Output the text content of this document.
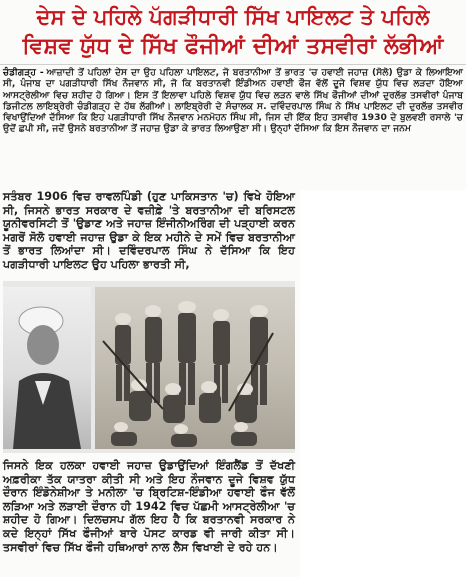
ਦੇਸ ਦੇ ਪਹਿਲੇ ਪੱਗੜੀਧਾਰੀ ਸਿੱਖ ਪਾਇਲਟ ਤੇ ਪਹਿਲੇ
ਵਿਸ਼ਵ ਯੁੱਧ ਦੇ ਸਿੱਖ ਫੌਜੀਆਂ ਦੀਆਂ ਤਸਵੀਰਾਂ ਲੱਭੀਆਂ
ਚੰਡੀਗੜ੍ਹ - ਆਜ਼ਾਦੀ ਤੋਂ ਪਹਿਲਾਂ ਦੇਸ ਦਾ ਉਹ ਪਹਿਲਾ ਪਾਇਲਟ, ਜੋ ਬਰਤਾਨੀਆ ਤੋਂ ਭਾਰਤ 'ਚ ਹਵਾਈ ਜਹਾਜ਼ (ਸੋਲੋ) ਉਡਾ ਕੇ ਲਿਆਇਆ ਸੀ, ਪੰਜਾਬ ਦਾ ਪਗੜੀਧਾਰੀ ਸਿੱਖ ਨੌਜਵਾਨ ਸੀ, ਜੋ ਕਿ ਬਰਤਾਨਵੀ ਇੰਡੀਅਨ ਹਵਾਈ ਫੌਜ ਵੱਲੋਂ ਦੂਜੇ ਵਿਸ਼ਵ ਯੁੱਧ ਵਿਚ ਲੜਦਾ ਹੋਇਆ ਆਸਟ੍ਰੇਲੀਆ ਵਿਚ ਸ਼ਹੀਦ ਹੋ ਗਿਆ। ਇਸ ਤੋਂ ਇਲਾਵਾ ਪਹਿਲੇ ਵਿਸ਼ਵ ਯੁੱਧ ਵਿਚ ਲੜਨ ਵਾਲੇ ਸਿੱਖ ਫੌਜੀਆਂ ਦੀਆਂ ਦੁਰਲੱਭ ਤਸਵੀਰਾਂ ਪੰਜਾਬ ਡਿਜੀਟਲ ਲਾਇਬ੍ਰੇਰੀ ਚੰਡੀਗੜ੍ਹ ਦੇ ਹੱਥ ਲੱਗੀਆਂ। ਲਾਇਬ੍ਰੇਰੀ ਦੇ ਸੰਚਾਲਕ ਸ. ਦਵਿੰਦਰਪਾਲ ਸਿੰਘ ਨੇ ਸਿੱਖ ਪਾਇਲਟ ਦੀ ਦੁਰਲੱਭ ਤਸਵੀਰ ਵਿਖਾਉਂਦਿਆਂ ਦੱਸਿਆ ਕਿ ਇਹ ਪਗੜੀਧਾਰੀ ਸਿੱਖ ਨੌਜਵਾਨ ਮਨਮੋਹਨ ਸਿੰਘ ਸੀ, ਜਿਸ ਦੀ ਇੱਕ ਇਹ ਤਸਵੀਰ 1930 ਦੇ ਬੁਲਵਈ ਰਸਾਲੇ 'ਚ ਉਦੋਂ ਛਪੀ ਸੀ, ਜਦੋਂ ਉਸਨੇ ਬਰਤਾਨੀਆ ਤੋਂ ਜਹਾਜ਼ ਉਡਾ ਕੇ ਭਾਰਤ ਲਿਆਉਣਾ ਸੀ। ਉਨ੍ਹਾਂ ਦੱਸਿਆ ਕਿ ਇਸ ਨੌਜਵਾਨ ਦਾ ਜਨਮ
ਸਤੰਬਰ 1906 ਵਿਚ ਰਾਵਲਪਿੰਡੀ (ਹੁਣ ਪਾਕਿਸਤਾਨ 'ਚ) ਵਿਖੇ ਹੋਇਆ ਸੀ, ਜਿਸਨੇ ਭਾਰਤ ਸਰਕਾਰ ਦੇ ਵਜ਼ੀਫ਼ੇ 'ਤੇ ਬਰਤਾਨੀਆ ਦੀ ਬਰਿਸਟਲ ਯੂਨੀਵਰਸਿਟੀ ਤੋਂ 'ਉਡਾਣ ਅਤੇ ਜਹਾਜ਼ ਇੰਜੀਨੀਅਰਿੰਗ ਦੀ ਪੜ੍ਹਾਈ ਕਰਨ ਮਗਰੋਂ ਸੋਲੋ ਹਵਾਈ ਜਹਾਜ਼ ਉਡਾ ਕੇ ਇਕ ਮਹੀਨੇ ਦੇ ਸਮੇਂ ਵਿਚ ਬਰਤਾਨੀਆ ਤੋਂ ਭਾਰਤ ਲਿਆਂਦਾ ਸੀ। ਦਵਿੰਦਰਪਾਲ ਸਿੰਘ ਨੇ ਦੱਸਿਆ ਕਿ ਇਹ ਪਗੜੀਧਾਰੀ ਪਾਇਲਟ ਉਹ ਪਹਿਲਾ ਭਾਰਤੀ ਸੀ,
ਜਿਸਨੇ ਇਕ ਹਲਕਾ ਹਵਾਈ ਜਹਾਜ਼ ਉਡਾਉਂਦਿਆਂ ਇੰਗਲੈਂਡ ਤੋਂ ਦੱਖਣੀ ਅਫ਼ਰੀਕਾ ਤੱਕ ਯਾਤਰਾ ਕੀਤੀ ਸੀ ਅਤੇ ਇਹ ਨੌਜਵਾਨ ਦੂਜੇ ਵਿਸ਼ਵ ਯੁੱਧ ਦੌਰਾਨ ਇੰਡੋਨੇਸ਼ੀਆ ਤੇ ਮਨੀਲਾ 'ਚ ਬ੍ਰਿਟਿਸ਼-ਇੰਡੀਆ ਹਵਾਈ ਫੌਜ ਵੱਲੋਂ ਲੜਿਆ ਅਤੇ ਲੜਾਈ ਦੌਰਾਨ ਹੀ 1942 ਵਿਚ ਪੱਛਮੀ ਆਸਟ੍ਰੇਲੀਆ 'ਚ ਸ਼ਹੀਦ ਹੋ ਗਿਆ। ਦਿਲਚਸਪ ਗੱਲ ਇਹ ਹੈ ਕਿ ਬਰਤਾਨਵੀ ਸਰਕਾਰ ਨੇ ਕਦੇ ਇਨ੍ਹਾਂ ਸਿੱਖ ਫੌਜੀਆਂ ਬਾਰੇ ਪੋਸਟ ਕਾਰਡ ਵੀ ਜਾਰੀ ਕੀਤਾ ਸੀ। ਤਸਵੀਰਾਂ ਵਿਚ ਸਿੱਖ ਫੌਜੀ ਹਥਿਆਰਾਂ ਨਾਲ ਲੈਸ ਵਿਖਾਈ ਦੇ ਰਹੇ ਹਨ।
